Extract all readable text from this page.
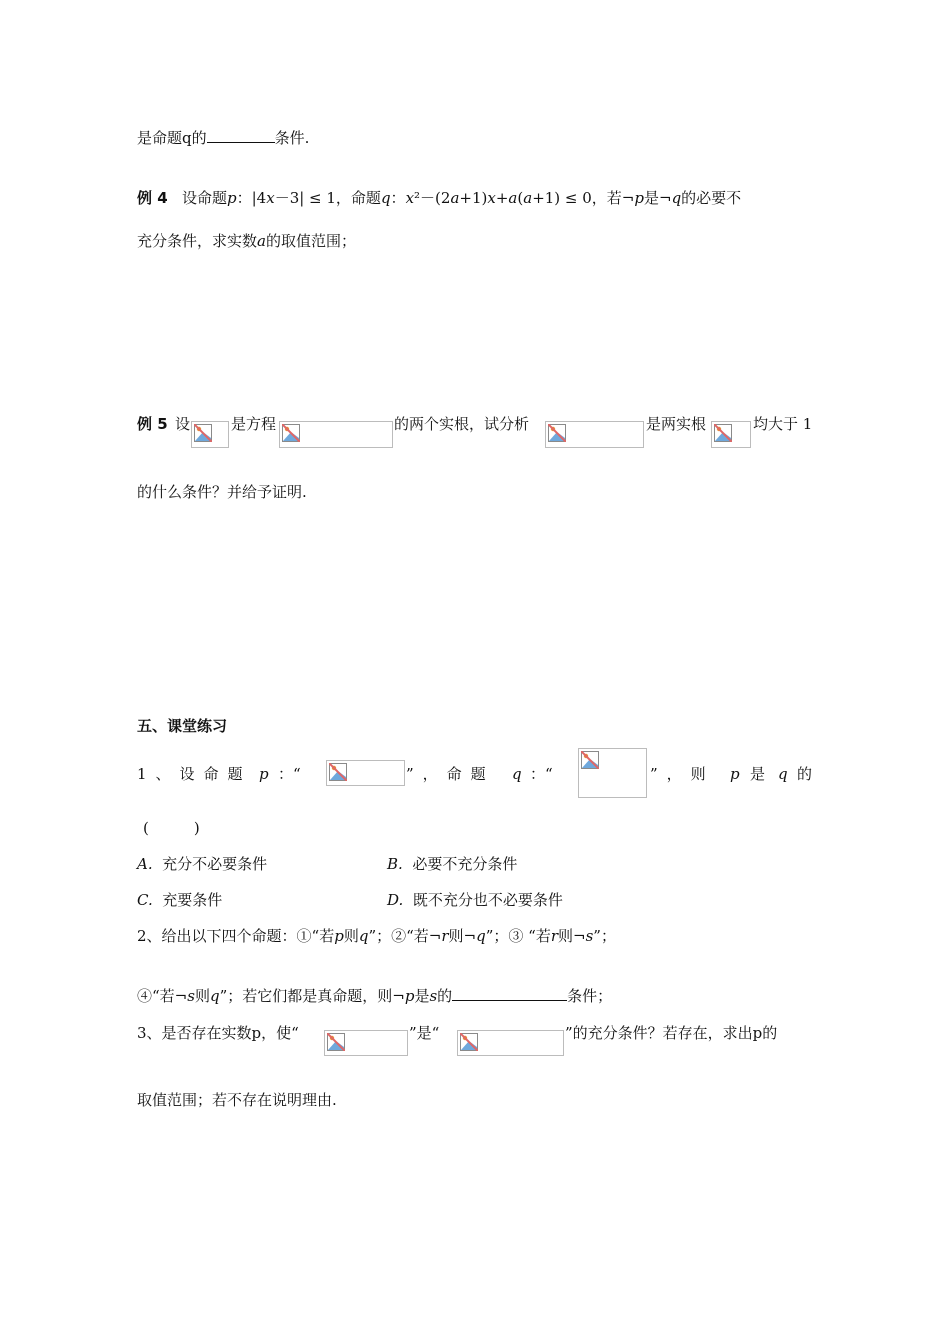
是命题q的	条件.
例 4 设命题p：|4x－3| ≤ 1，命题q：x²－(2a+1)x+a(a+1) ≤ 0，若¬p是¬q的必要不
充分条件，求实数a的取值范围；
例 5 设	是方程	的两个实根，试分析	是两实根	均大于 1
的什么条件？并给予证明.
五、课堂练习
1、设命题 p ：“	”，命题 q ：“	”，则 p 是 q 的
(　　　)
A. 充分不必要条件	B. 必要不充分条件
C. 充要条件	D. 既不充分也不必要条件
2、给出以下四个命题：①“若p则q”；②“若¬r则¬q”；③ “若r则¬s”；
④“若¬s则q”；若它们都是真命题，则¬p是s的	条件；
3、是否存在实数p，使“	”是“	”的充分条件？若存在，求出p的
取值范围；若不存在说明理由.
